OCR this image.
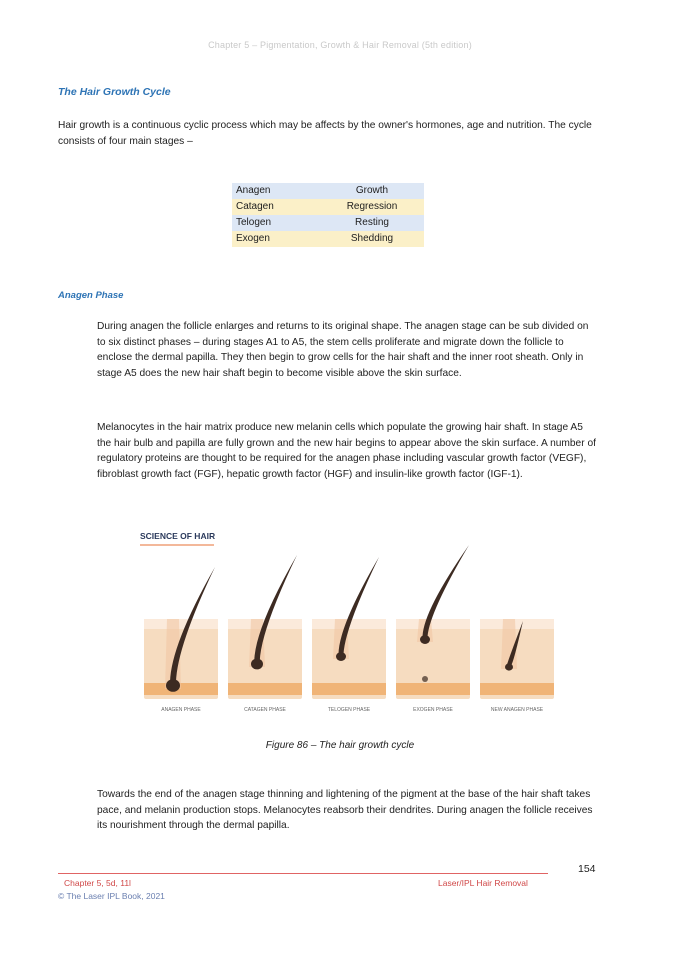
Chapter 5 – Pigmentation, Growth & Hair Removal (5th edition)
The Hair Growth Cycle
Hair growth is a continuous cyclic process which may be affects by the owner's hormones, age and nutrition. The cycle consists of four main stages –
Anagen	Growth
Catagen	Regression
Telogen	Resting
Exogen	Shedding
Anagen Phase
During anagen the follicle enlarges and returns to its original shape. The anagen stage can be sub divided on to six distinct phases – during stages A1 to A5, the stem cells proliferate and migrate down the follicle to enclose the dermal papilla. They then begin to grow cells for the hair shaft and the inner root sheath. Only in stage A5 does the new hair shaft begin to become visible above the skin surface.
Melanocytes in the hair matrix produce new melanin cells which populate the growing hair shaft. In stage A5 the hair bulb and papilla are fully grown and the new hair begins to appear above the skin surface. A number of regulatory proteins are thought to be required for the anagen phase including vascular growth factor (VEGF), fibroblast growth fact (FGF), hepatic growth factor (HGF) and insulin-like growth factor (IGF-1).
SCIENCE OF HAIR
ANAGEN PHASE	CATAGEN PHASE	TELOGEN PHASE	EXOGEN PHASE	NEW ANAGEN PHASE
Figure 86 – The hair growth cycle
Towards the end of the anagen stage thinning and lightening of the pigment at the base of the hair shaft takes pace, and melanin production stops. Melanocytes reabsorb their dendrites. During anagen the follicle receives its nourishment through the dermal papilla.
154
Chapter 5, 5d, 11l	Laser/IPL Hair Removal
© The Laser IPL Book, 2021
